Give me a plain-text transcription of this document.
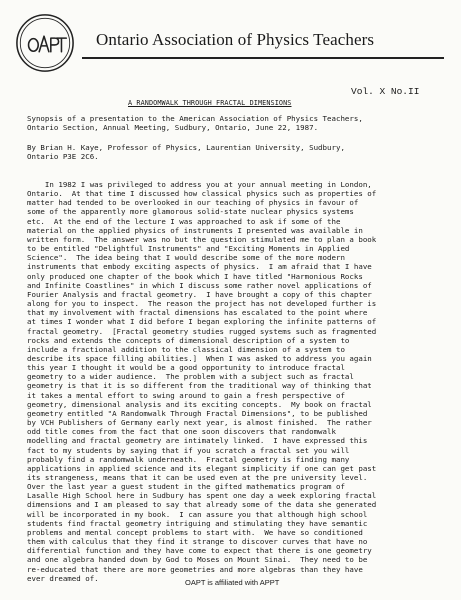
Ontario Association of Physics Teachers
Vol. X No.II
A RANDOMWALK THROUGH FRACTAL DIMENSIONS
Synopsis of a presentation to the American Association of Physics Teachers,
Ontario Section, Annual Meeting, Sudbury, Ontario, June 22, 1987.
By Brian H. Kaye, Professor of Physics, Laurentian University, Sudbury,
Ontario P3E 2C6.
In 1982 I was privileged to address you at your annual meeting in London,
Ontario.  At that time I discussed how classical physics such as properties of
matter had tended to be overlooked in our teaching of physics in favour of
some of the apparently more glamorous solid-state nuclear physics systems
etc.  At the end of the lecture I was approached to ask if some of the
material on the applied physics of instruments I presented was available in
written form.  The answer was no but the question stimulated me to plan a book
to be entitled "Delightful Instruments" and "Exciting Moments in Applied
Science".  The idea being that I would describe some of the more modern
instruments that embody exciting aspects of physics.  I am afraid that I have
only produced one chapter of the book which I have titled "Harmonious Rocks
and Infinite Coastlines" in which I discuss some rather novel applications of
Fourier Analysis and fractal geometry.  I have brought a copy of this chapter
along for you to inspect.  The reason the project has not developed further is
that my involvement with fractal dimensions has escalated to the point where
at times I wonder what I did before I began exploring the infinite patterns of
fractal geometry.  [Fractal geometry studies rugged systems such as fragmented
rocks and extends the concepts of dimensional description of a system to
include a fractional addition to the classical dimension of a system to
describe its space filling abilities.]  When I was asked to address you again
this year I thought it would be a good opportunity to introduce fractal
geometry to a wider audience.  The problem with a subject such as fractal
geometry is that it is so different from the traditional way of thinking that
it takes a mental effort to swing around to gain a fresh perspective of
geometry, dimensional analysis and its exciting concepts.  My book on fractal
geometry entitled "A Randomwalk Through Fractal Dimensions", to be published
by VCH Publishers of Germany early next year, is almost finished.  The rather
odd title comes from the fact that one soon discovers that randomwalk
modelling and fractal geometry are intimately linked.  I have expressed this
fact to my students by saying that if you scratch a fractal set you will
probably find a randomwalk underneath.  Fractal geometry is finding many
applications in applied science and its elegant simplicity if one can get past
its strangeness, means that it can be used even at the pre university level.
Over the last year a guest student in the gifted mathematics program of
Lasalle High School here in Sudbury has spent one day a week exploring fractal
dimensions and I am pleased to say that already some of the data she generated
will be incorporated in my book.  I can assure you that although high school
students find fractal geometry intriguing and stimulating they have semantic
problems and mental concept problems to start with.  We have so conditioned
them with calculus that they find it strange to discover curves that have no
differential function and they have come to expect that there is one geometry
and one algebra handed down by God to Moses on Mount Sinai.  They need to be
re-educated that there are more geometries and more algebras than they have
ever dreamed of.	OAPT is affiliated with APPT
